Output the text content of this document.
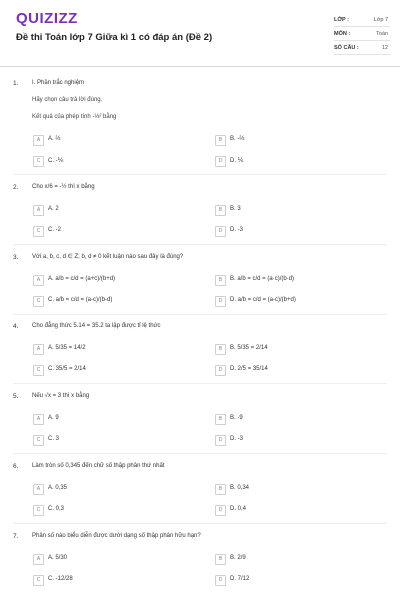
QUIZIZZ
Đề thi Toán lớp 7 Giữa kì 1 có đáp án (Đề 2)
LỚP :	Lớp 7
MÔN :	Toán
SỐ CÂU :	12
1. I. Phần trắc nghiệm
Hãy chọn câu trả lời đúng.
Kết quả của phép tính -⅓² bằng
A	A. ⅔	B	B. -⅔
C	C. -⅙	D	D. ⅙
2. Cho x/6 = -½ thì x bằng
A	A. 2	B	B. 3
C	C. -2	D	D. -3
3. Với a, b, c, d ∈ Z; b, d ≠ 0 kết luận nào sau đây là đúng?
A	A. a/b = c/d = (a+c)/(b+d)	B	B. a/b = c/d = (a·c)/(b·d)
C	C. a/b = c/d = (a-c)/(b-d)	D	D. a/b = c/d = (a-c)/(b+d)
4. Cho đẳng thức 5.14 = 35.2 ta lập được tỉ lệ thức
A	A. 5/35 = 14/2	B	B. 5/35 = 2/14
C	C. 35/5 = 2/14	D	D. 2/5 = 35/14
5. Nếu √x = 3 thì x bằng
A	A. 9	B	B. -9
C	C. 3	D	D. -3
6. Làm tròn số 0,345 đến chữ số thập phân thứ nhất
A	A. 0,35	B	B. 0,34
C	C. 0,3	D	D. 0,4
7. Phân số nào biểu diễn được dưới dạng số thập phân hữu hạn?
A	A. 5/30	B	B. 2/9
C	C. -12/28	D	D. 7/12
